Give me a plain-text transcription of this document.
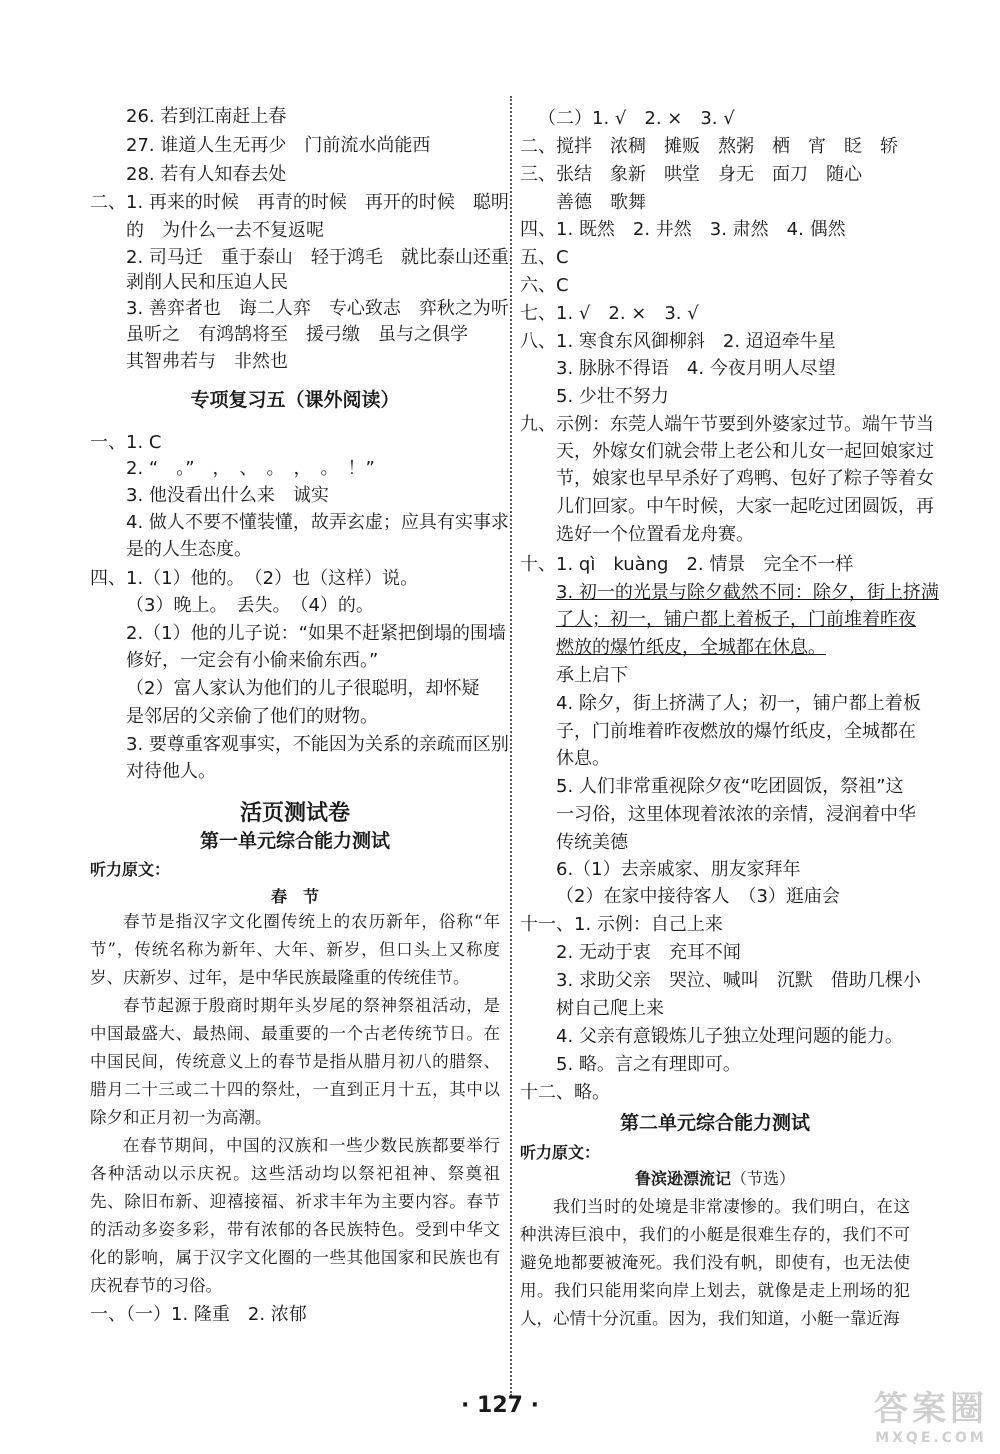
26. 若到江南赶上春
27. 谁道人生无再少　门前流水尚能西
28. 若有人知春去处
二、1. 再来的时候　再青的时候　再开的时候　聪明
的　为什么一去不复返呢
2. 司马迁　重于泰山　轻于鸿毛　就比泰山还重
剥削人民和压迫人民
3. 善弈者也　诲二人弈　专心致志　弈秋之为听
虽听之　有鸿鹄将至　援弓缴　虽与之俱学
其智弗若与　非然也
专项复习五（课外阅读）
一、1. C
2. “　。”　，　、　。　，　。　！”
3. 他没看出什么来　诚实
4. 做人不要不懂装懂，故弄玄虚；应具有实事求
是的人生态度。
四、1.（1）他的。　（2）也（这样）说。
（3）晚上。　丢失。　（4）的。
2.（1）他的儿子说：“如果不赶紧把倒塌的围墙
修好，一定会有小偷来偷东西。”
（2）富人家认为他们的儿子很聪明，却怀疑
是邻居的父亲偷了他们的财物。
3. 要尊重客观事实，不能因为关系的亲疏而区别
对待他人。
活页测试卷
第一单元综合能力测试
听力原文：
春　节

春节是指汉字文化圈传统上的农历新年，俗称“年节”，传统名称为新年、大年、新岁，但口头上又称度岁、庆新岁、过年，是中华民族最隆重的传统佳节。

春节起源于殷商时期年头岁尾的祭神祭祖活动，是中国最盛大、最热闹、最重要的一个古老传统节日。在中国民间，传统意义上的春节是指从腊月初八的腊祭、腊月二十三或二十四的祭灶，一直到正月十五，其中以除夕和正月初一为高潮。

在春节期间，中国的汉族和一些少数民族都要举行各种活动以示庆祝。这些活动均以祭祀祖神、祭奠祖先、除旧布新、迎禧接福、祈求丰年为主要内容。春节的活动多姿多彩，带有浓郁的各民族特色。受到中华文化的影响，属于汉字文化圈的一些其他国家和民族也有庆祝春节的习俗。

一、（一）1. 隆重　2. 浓郁
（二）1. √　2. ×　3. √
二、搅拌　浓稠　摊贩　熬粥　栖　宵　眨　轿
三、张结　象新　哄堂　身无　面刀　随心
善德　歌舞
四、1. 既然　2. 井然　3. 肃然　4. 偶然
五、C
六、C
七、1. √　2. ×　3. √
八、1. 寒食东风御柳斜　2. 迢迢牵牛星
3. 脉脉不得语　4. 今夜月明人尽望
5. 少壮不努力
九、示例：东莞人端午节要到外婆家过节。端午节当
天，外嫁女们就会带上老公和儿女一起回娘家过
节，娘家也早早杀好了鸡鸭、包好了粽子等着女
儿们回家。中午时候，大家一起吃过团圆饭，再
选好一个位置看龙舟赛。
十、1. qì　kuàng　2. 情景　完全不一样
3. 初一的光景与除夕截然不同：除夕，街上挤满
了人；初一，铺户都上着板子，门前堆着昨夜
燃放的爆竹纸皮，全城都在休息。
承上启下
4. 除夕，街上挤满了人；初一，铺户都上着板
子，门前堆着昨夜燃放的爆竹纸皮，全城都在
休息。
5. 人们非常重视除夕夜“吃团圆饭，祭祖”这
一习俗，这里体现着浓浓的亲情，浸润着中华
传统美德
6.（1）去亲戚家、朋友家拜年
（2）在家中接待客人　（3）逛庙会
十一、1. 示例：自己上来
2. 无动于衷　充耳不闻
3. 求助父亲　哭泣、喊叫　沉默　借助几棵小
树自己爬上来
4. 父亲有意锻炼儿子独立处理问题的能力。
5. 略。言之有理即可。
十二、略。
第二单元综合能力测试
听力原文：
鲁滨逊漂流记（节选）

我们当时的处境是非常凄惨的。我们明白，在这种洪涛巨浪中，我们的小艇是很难生存的，我们不可避免地都要被淹死。我们没有帆，即使有，也无法使用。我们只能用桨向岸上划去，就像是走上刑场的犯人，心情十分沉重。因为，我们知道，小艇一靠近海

· 127 ·	答案圈
MXQE.COM
